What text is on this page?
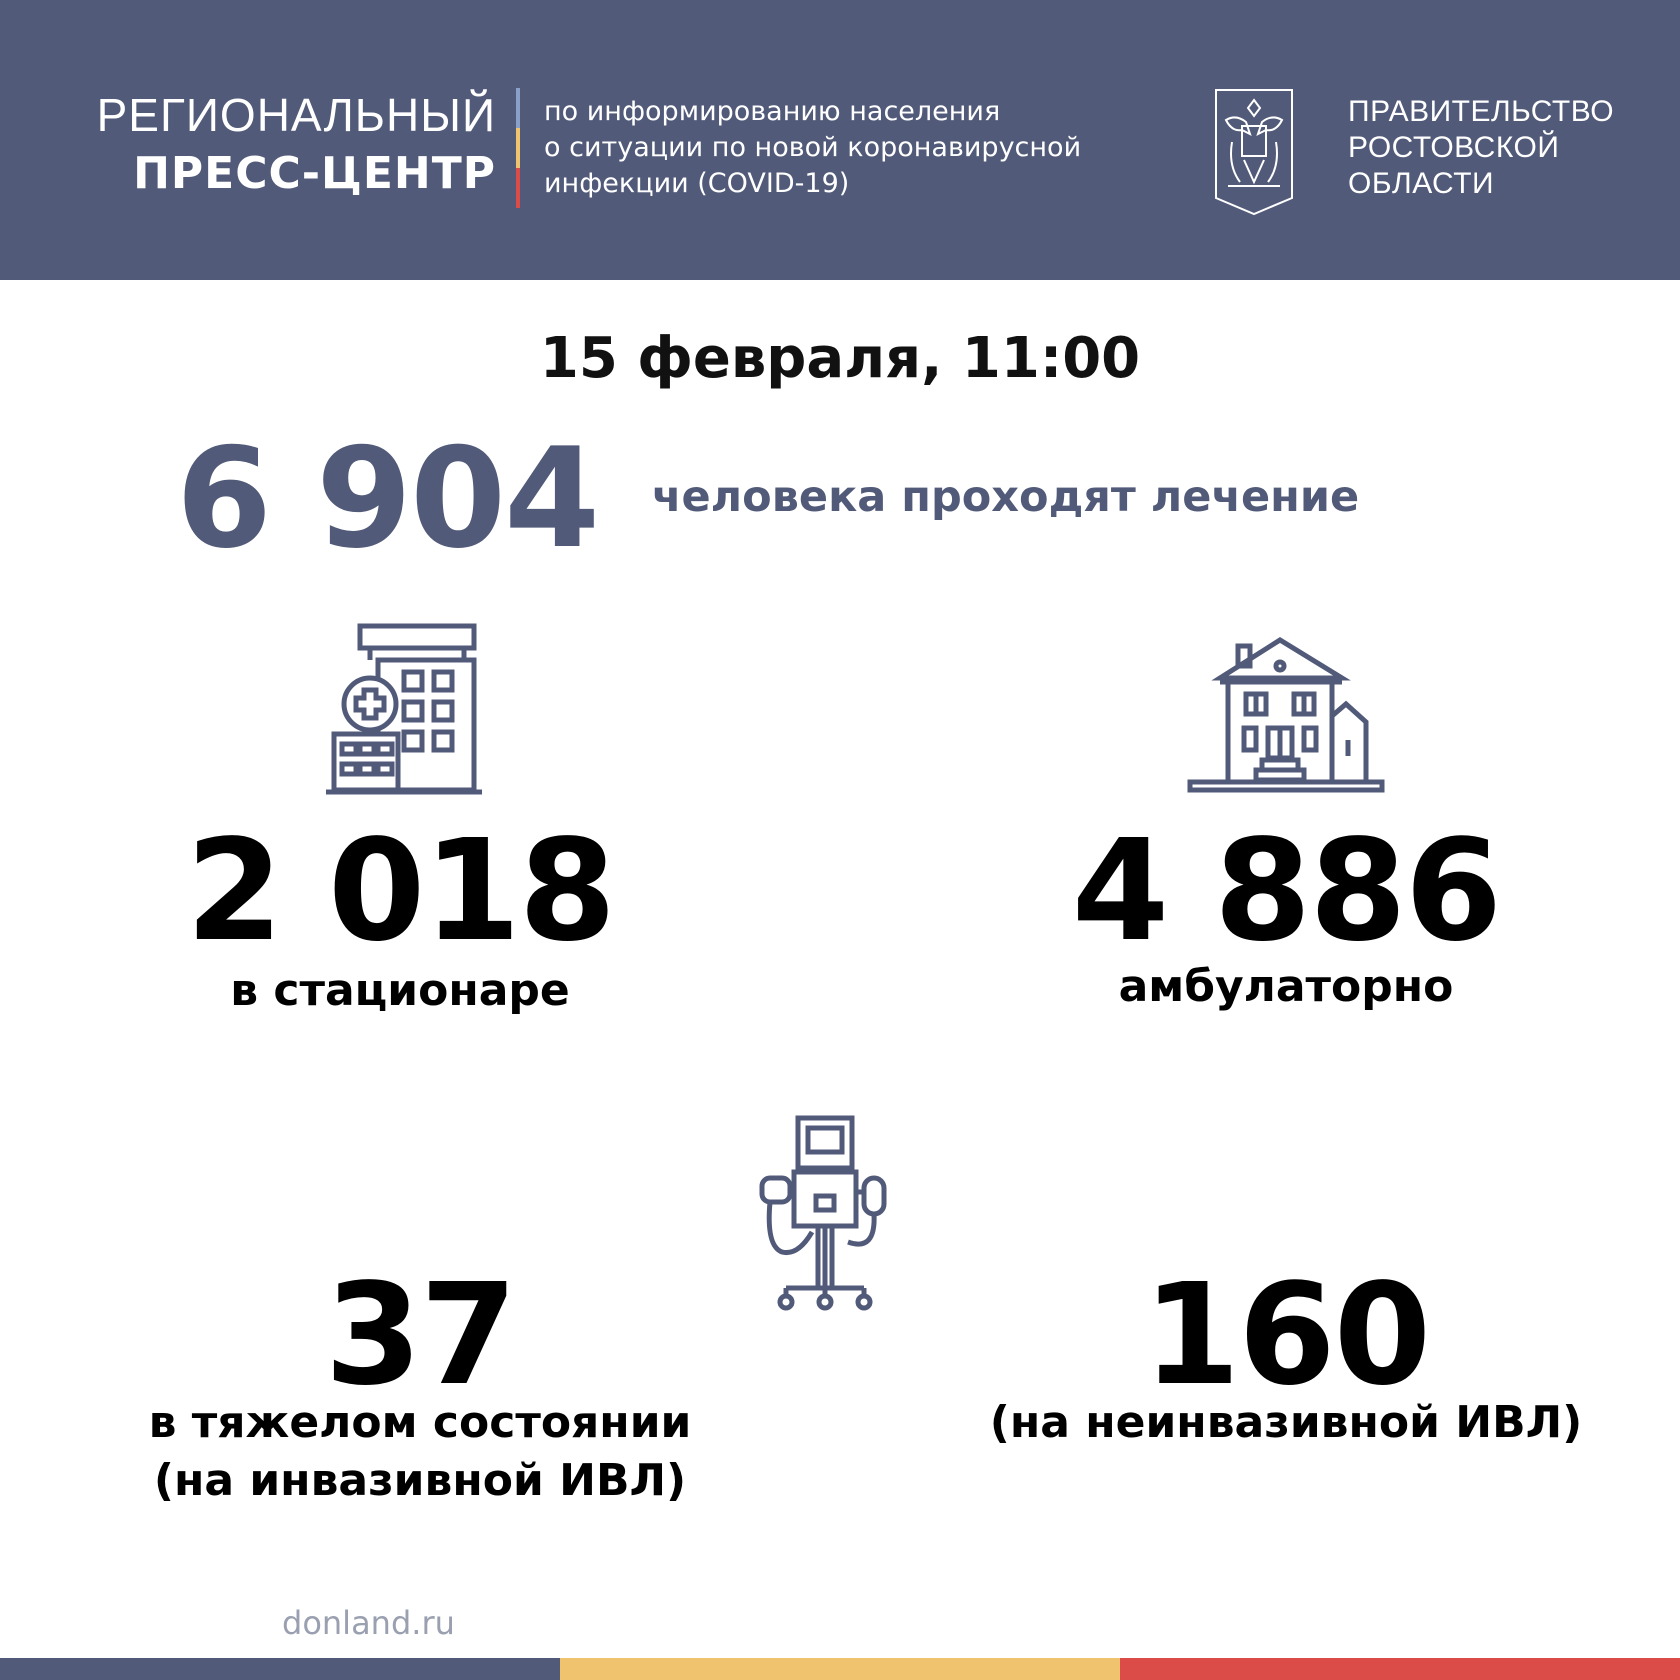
РЕГИОНАЛЬНЫЙ
ПРЕСС-ЦЕНТР
по информированию населения
о ситуации по новой коронавирусной
инфекции (COVID-19)
ПРАВИТЕЛЬСТВО
РОСТОВСКОЙ
ОБЛАСТИ
15 февраля, 11:00
6 904 человека проходят лечение
2 018
в стационаре
4 886
амбулаторно
37
в тяжелом состоянии
(на инвазивной ИВЛ)
160
(на неинвазивной ИВЛ)
donland.ru
